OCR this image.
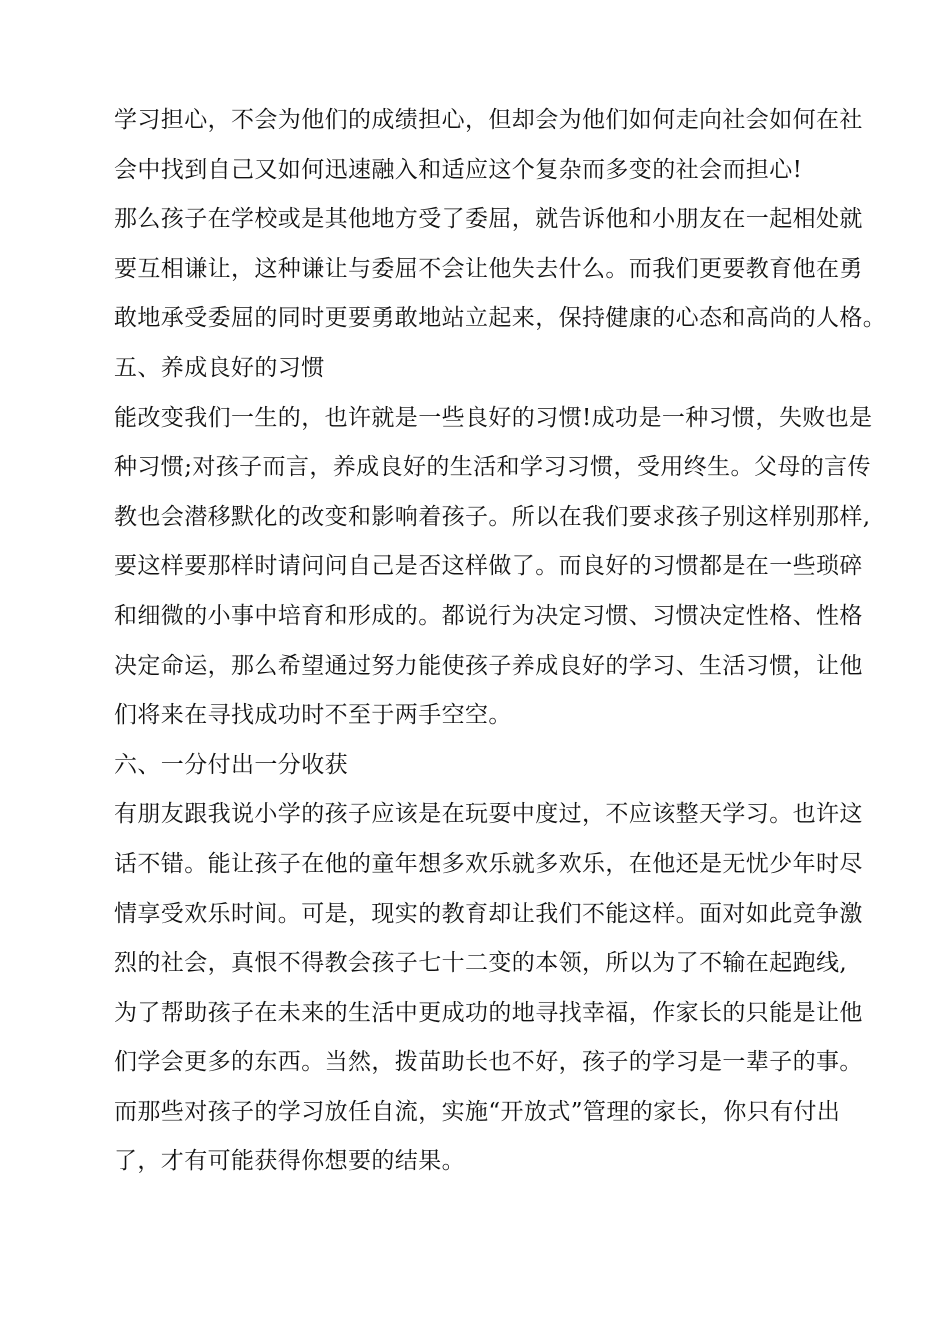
学习担心，不会为他们的成绩担心，但却会为他们如何走向社会如何在社
会中找到自己又如何迅速融入和适应这个复杂而多变的社会而担心!
那么孩子在学校或是其他地方受了委屈，就告诉他和小朋友在一起相处就
要互相谦让，这种谦让与委屈不会让他失去什么。而我们更要教育他在勇
敢地承受委屈的同时更要勇敢地站立起来，保持健康的心态和高尚的人格。
五、养成良好的习惯
能改变我们一生的，也许就是一些良好的习惯!成功是一种习惯，失败也是
种习惯;对孩子而言，养成良好的生活和学习习惯，受用终生。父母的言传
教也会潜移默化的改变和影响着孩子。所以在我们要求孩子别这样别那样,
要这样要那样时请问问自己是否这样做了。而良好的习惯都是在一些琐碎
和细微的小事中培育和形成的。都说行为决定习惯、习惯决定性格、性格
决定命运，那么希望通过努力能使孩子养成良好的学习、生活习惯，让他
们将来在寻找成功时不至于两手空空。
六、一分付出一分收获
有朋友跟我说小学的孩子应该是在玩耍中度过，不应该整天学习。也许这
话不错。能让孩子在他的童年想多欢乐就多欢乐，在他还是无忧少年时尽
情享受欢乐时间。可是，现实的教育却让我们不能这样。面对如此竞争激
烈的社会，真恨不得教会孩子七十二变的本领，所以为了不输在起跑线,
为了帮助孩子在未来的生活中更成功的地寻找幸福，作家长的只能是让他
们学会更多的东西。当然，拨苗助长也不好，孩子的学习是一辈子的事。
而那些对孩子的学习放任自流，实施“开放式”管理的家长，你只有付出
了，才有可能获得你想要的结果。
